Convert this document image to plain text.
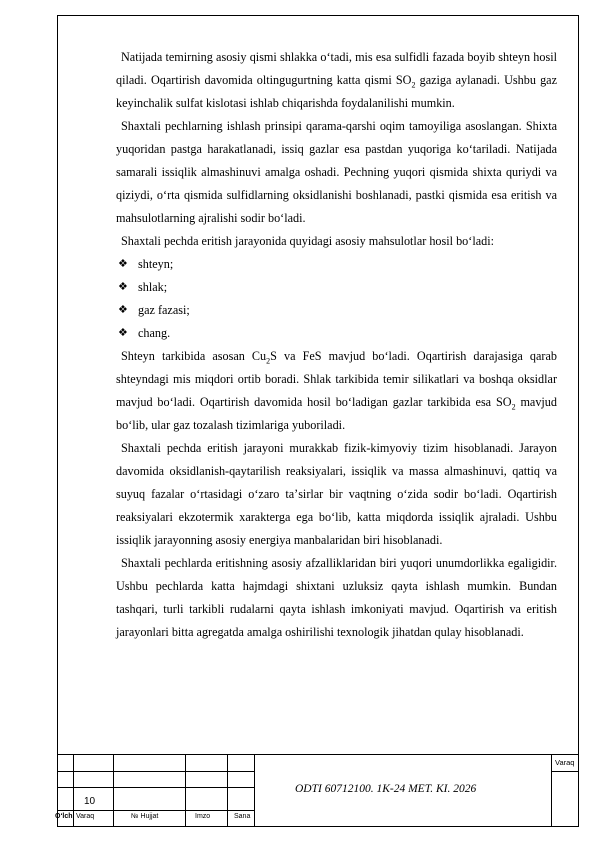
Natijada temirning asosiy qismi shlakka oʻtadi, mis esa sulfidli fazada boyib shteyn hosil qiladi. Oqartirish davomida oltingugurtning katta qismi $SO_2$ gaziga aylanadi. Ushbu gaz keyinchalik sulfat kislotasi ishlab chiqarishda foydalanilishi mumkin.

Shaxtali pechlarning ishlash prinsipi qarama-qarshi oqim tamoyiliga asoslangan. Shixta yuqoridan pastga harakatlanadi, issiq gazlar esa pastdan yuqoriga koʻtariladi. Natijada samarali issiqlik almashinuvi amalga oshadi. Pechning yuqori qismida shixta quriydi va qiziydi, oʻrta qismida sulfidlarning oksidlanishi boshlanadi, pastki qismida esa eritish va mahsulotlarning ajralishi sodir boʻladi.

Shaxtali pechda eritish jarayonida quyidagi asosiy mahsulotlar hosil boʻladi:

❖ shteyn;
❖ shlak;
❖ gaz fazasi;
❖ chang.

Shteyn tarkibida asosan $Cu_2S$ va FeS mavjud boʻladi. Oqartirish darajasiga qarab shteyndagi mis miqdori ortib boradi. Shlak tarkibida temir silikatlari va boshqa oksidlar mavjud boʻladi. Oqartirish davomida hosil boʻladigan gazlar tarkibida esa $SO_2$ mavjud boʻlib, ular gaz tozalash tizimlariga yuboriladi.

Shaxtali pechda eritish jarayoni murakkab fizik-kimyoviy tizim hisoblanadi. Jarayon davomida oksidlanish-qaytarilish reaksiyalari, issiqlik va massa almashinuvi, qattiq va suyuq fazalar oʻrtasidagi oʻzaro taʼsirlar bir vaqtning oʻzida sodir boʻladi. Oqartirish reaksiyalari ekzotermik xarakterga ega boʻlib, katta miqdorda issiqlik ajraladi. Ushbu issiqlik jarayonning asosiy energiya manbalaridan biri hisoblanadi.

Shaxtali pechlarda eritishning asosiy afzalliklaridan biri yuqori unumdorlikka egaligidir. Ushbu pechlarda katta hajmdagi shixtani uzluksiz qayta ishlash mumkin. Bundan tashqari, turli tarkibli rudalarni qayta ishlash imkoniyati mavjud. Oqartirish va eritish jarayonlari bitta agregatda amalga oshirilishi texnologik jihatdan qulay hisoblanadi.

10
Oʻlch Varaq	№ Hujjat	Imzo	Sana
ODTI 60712100. 1K-24 MET. KI. 2026
Varaq
